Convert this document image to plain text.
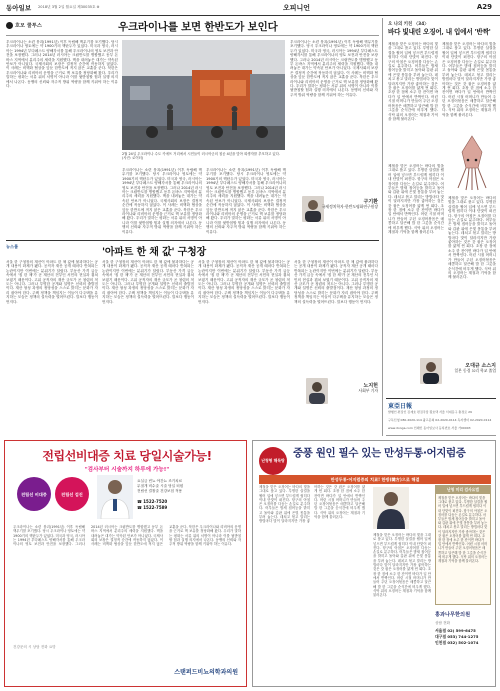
동아일보 2018년 3월 2일 월요일 제30035호 ⊛	오피니언	A29
호모 쿨투스	우크라이나를 보면 한반도가 보인다
우크라이나는 소련 붕괴(1991년) 이후 독립해 핵무기를 포기했다. 당시 우크라이나 영토에는 약 1900기의 핵탄두가 있었다. 미국과 영국, 러시아는 1994년 부다페스트 양해각서를 통해 우크라이나의 영토 보전과 안전을 보장했다. 그러나 2014년 러시아는 크림반도를 병합했고 동부 돈바스 지역에서 분리주의 세력을 지원했다. 핵을 내려놓은 대가는 약속된 안보가 아니었다. 국제사회의 보장은 결정적 순간에 작동하지 않았다. 이 사례는 비핵화 협상을 앞둔 한반도에 적지 않은 교훈을 준다. 북한은 우크라이나와 리비아의 운명을 근거로 핵 보유를 정당화해 왔다. 우리가 말하는 평화는 서류 위의 서명이 아니라 이를 뒷받침할 힘과 실행 의지에서 나온다. 동맹의 신뢰와 자주적 방위 역량을 함께 키워야 하는 이유다.
2월 24일 우크라이나 수도 키예프 거리에서 시민들이 러시아군의 침공 4년을 맞아 희생자를 추모하고 있다. (사진: 로이터)
우크라이나는 소련 붕괴(1991년) 이후 독립해 핵무기를 포기했다. 당시 우크라이나 영토에는 약 1900기의 핵탄두가 있었다. 미국과 영국, 러시아는 1994년 부다페스트 양해각서를 통해 우크라이나의 영토 보전과 안전을 보장했다. 그러나 2014년 러시아는 크림반도를 병합했고 동부 돈바스 지역에서 분리주의 세력을 지원했다. 핵을 내려놓은 대가는 약속된 안보가 아니었다. 국제사회의 보장은 결정적 순간에 작동하지 않았다. 이 사례는 비핵화 협상을 앞둔 한반도에 적지 않은 교훈을 준다. 북한은 우크라이나와 리비아의 운명을 근거로 핵 보유를 정당화해 왔다. 우리가 말하는 평화는 서류 위의 서명이 아니라 이를 뒷받침할 힘과 실행 의지에서 나온다. 동맹의 신뢰와 자주적 방위 역량을 함께 키워야 하는 이유다.
우크라이나는 소련 붕괴(1991년) 이후 독립해 핵무기를 포기했다. 당시 우크라이나 영토에는 약 1900기의 핵탄두가 있었다. 미국과 영국, 러시아는 1994년 부다페스트 양해각서를 통해 우크라이나의 영토 보전과 안전을 보장했다. 그러나 2014년 러시아는 크림반도를 병합했고 동부 돈바스 지역에서 분리주의 세력을 지원했다. 핵을 내려놓은 대가는 약속된 안보가 아니었다. 국제사회의 보장은 결정적 순간에 작동하지 않았다. 이 사례는 비핵화 협상을 앞둔 한반도에 적지 않은 교훈을 준다. 북한은 우크라이나와 리비아의 운명을 근거로 핵 보유를 정당화해 왔다. 우리가 말하는 평화는 서류 위의 서명이 아니라 이를 뒷받침할 힘과 실행 의지에서 나온다. 동맹의 신뢰와 자주적 방위 역량을 함께 키워야 하는 이유다.
우크라이나는 소련 붕괴(1991년) 이후 독립해 핵무기를 포기했다. 당시 우크라이나 영토에는 약 1900기의 핵탄두가 있었다. 미국과 영국, 러시아는 1994년 부다페스트 양해각서를 통해 우크라이나의 영토 보전과 안전을 보장했다. 그러나 2014년 러시아는 크림반도를 병합했고 동부 돈바스 지역에서 분리주의 세력을 지원했다. 핵을 내려놓은 대가는 약속된 안보가 아니었다. 국제사회의 보장은 결정적 순간에 작동하지 않았다. 이 사례는 비핵화 협상을 앞둔 한반도에 적지 않은 교훈을 준다. 북한은 우크라이나와 리비아의 운명을 근거로 핵 보유를 정당화해 왔다. 우리가 말하는 평화는 서류 위의 서명이 아니라 이를 뒷받침할 힘과 실행 의지에서 나온다. 동맹의 신뢰와 자주적 방위 역량을 함께 키워야 하는 이유다.
구기환
국제정치학자·한반도평화연구원장
뉴스룸
'아파트 한 채 값' 구청장
서울 한 구청장의 재산이 아파트 한 채 값에 불과하다는 공개 내용이 화제가 됐다. 공직자 재산 공개 때마다 반복되는 논란이지만 이번에는 분위기가 달랐다. 부동산 가격 급등 속에서 '집 한 채'가 곧 재산의 전부인 서민의 현실과 겹쳐 보였기 때문이다. 고위 공직자의 재산 규모가 곧 청렴의 척도는 아니다. 그러나 투명한 공개와 설명은 신뢰의 출발점이다. 재산 형성 과정의 정당성을 스스로 밝히는 문화가 자리 잡아야 한다. 주택 정책을 책임지는 이들이 다주택을 유지하는 모습은 정책의 설득력을 떨어뜨린다. 말보다 행동이 먼저다.
서울 한 구청장의 재산이 아파트 한 채 값에 불과하다는 공개 내용이 화제가 됐다. 공직자 재산 공개 때마다 반복되는 논란이지만 이번에는 분위기가 달랐다. 부동산 가격 급등 속에서 '집 한 채'가 곧 재산의 전부인 서민의 현실과 겹쳐 보였기 때문이다. 고위 공직자의 재산 규모가 곧 청렴의 척도는 아니다. 그러나 투명한 공개와 설명은 신뢰의 출발점이다. 재산 형성 과정의 정당성을 스스로 밝히는 문화가 자리 잡아야 한다. 주택 정책을 책임지는 이들이 다주택을 유지하는 모습은 정책의 설득력을 떨어뜨린다. 말보다 행동이 먼저다.
서울 한 구청장의 재산이 아파트 한 채 값에 불과하다는 공개 내용이 화제가 됐다. 공직자 재산 공개 때마다 반복되는 논란이지만 이번에는 분위기가 달랐다. 부동산 가격 급등 속에서 '집 한 채'가 곧 재산의 전부인 서민의 현실과 겹쳐 보였기 때문이다. 고위 공직자의 재산 규모가 곧 청렴의 척도는 아니다. 그러나 투명한 공개와 설명은 신뢰의 출발점이다. 재산 형성 과정의 정당성을 스스로 밝히는 문화가 자리 잡아야 한다. 주택 정책을 책임지는 이들이 다주택을 유지하는 모습은 정책의 설득력을 떨어뜨린다. 말보다 행동이 먼저다.
서울 한 구청장의 재산이 아파트 한 채 값에 불과하다는 공개 내용이 화제가 됐다. 공직자 재산 공개 때마다 반복되는 논란이지만 이번에는 분위기가 달랐다. 부동산 가격 급등 속에서 '집 한 채'가 곧 재산의 전부인 서민의 현실과 겹쳐 보였기 때문이다. 고위 공직자의 재산 규모가 곧 청렴의 척도는 아니다. 그러나 투명한 공개와 설명은 신뢰의 출발점이다. 재산 형성 과정의 정당성을 스스로 밝히는 문화가 자리 잡아야 한다. 주택 정책을 책임지는 이들이 다주택을 유지하는 모습은 정책의 설득력을 떨어뜨린다. 말보다 행동이 먼저다.
노지헌
사회부 기자
오 나의 키친 〈34〉
바다 빛내린 오징어, 내 입에서 '반짝'
제철을 맞은 오징어는 바다의 빛을 그대로 품고 있다. 투명한 살결을 썰어 입에 넣으면 부드럽게 씹히다 이내 단맛이 퍼진다. 항구의 아침은 오징어를 다듬는 손길로 분주하다. 어부들은 밤새 집어등을 밝히고 돌아와 갑판 위에 은빛 몸통을 부려 놓는다. 데치고 볶고 말리는 방법마다 맛이 달라지지만 가장 좋아하는 것은 갓 잡은 오징어를 얇게 썬 회다. 초장 한 점에 소주 한 잔이면 바다가 입 안에서 반짝인다. 어린 시절 어머니가 만들어 주던 오징어볶음은 매콤하고 달큰해 밥 한 그릇을 순식간에 비우게 했다. 식탁 위의 오징어는 계절과 기억을 함께 불러온다.
제철을 맞은 오징어는 바다의 빛을 그대로 품고 있다. 투명한 살결을 썰어 입에 넣으면 부드럽게 씹히다 이내 단맛이 퍼진다. 항구의 아침은 오징어를 다듬는 손길로 분주하다. 어부들은 밤새 집어등을 밝히고 돌아와 갑판 위에 은빛 몸통을 부려 놓는다. 데치고 볶고 말리는 방법마다 맛이 달라지지만 가장 좋아하는 것은 갓 잡은 오징어를 얇게 썬 회다. 초장 한 점에 소주 한 잔이면 바다가 입 안에서 반짝인다. 어린 시절 어머니가 만들어 주던 오징어볶음은 매콤하고 달큰해 밥 한 그릇을 순식간에 비우게 했다. 식탁 위의 오징어는 계절과 기억을 함께 불러온다.
제철을 맞은 오징어는 바다의 빛을 그대로 품고 있다. 투명한 살결을 썰어 입에 넣으면 부드럽게 씹히다 이내 단맛이 퍼진다. 항구의 아침은 오징어를 다듬는 손길로 분주하다. 어부들은 밤새 집어등을 밝히고 돌아와 갑판 위에 은빛 몸통을 부려 놓는다. 데치고 볶고 말리는 방법마다 맛이 달라지지만 가장 좋아하는 것은 갓 잡은 오징어를 얇게 썬 회다. 초장 한 점에 소주 한 잔이면 바다가 입 안에서 반짝인다. 어린 시절 어머니가 만들어 주던 오징어볶음은 매콤하고 달큰해 밥 한 그릇을 순식간에 비우게 했다. 식탁 위의 오징어는 계절과 기억을 함께 불러온다.
제철을 맞은 오징어는 바다의 빛을 그대로 품고 있다. 투명한 살결을 썰어 입에 넣으면 부드럽게 씹히다 이내 단맛이 퍼진다. 항구의 아침은 오징어를 다듬는 손길로 분주하다. 어부들은 밤새 집어등을 밝히고 돌아와 갑판 위에 은빛 몸통을 부려 놓는다. 데치고 볶고 말리는 방법마다 맛이 달라지지만 가장 좋아하는 것은 갓 잡은 오징어를 얇게 썬 회다. 초장 한 점에 소주 한 잔이면 바다가 입 안에서 반짝인다. 어린 시절 어머니가 만들어 주던 오징어볶음은 매콤하고 달큰해 밥 한 그릇을 순식간에 비우게 했다. 식탁 위의 오징어는 계절과 기억을 함께 불러온다.
오대규 소스지
일본 동경 요리 학교 졸업
東亞日報
발행인·편집인 김재호 편집국장 황호택 서울 서대문구 충정로 29
구독신청 080-2020-114 광고문의 02-2020-0114 독자센터 02-2020-0114
www.donga.com 인쇄인 동아일보사 등록번호 서울 가00003
전립선비대증 치료 당일시술가능!
"검사부터 시술까지 하루에 가능!"
전립선 비대증	전립선 검진
요실금 빈뇨 야간뇨 조기치료
무절개 비수술 시술 당일 퇴원
전립선 결찰술 건강보험 적용
☎ 1522-7520
☎ 1522-7589
우크라이나는 소련 붕괴(1991년) 이후 독립해 핵무기를 포기했다. 당시 우크라이나 영토에는 약 1900기의 핵탄두가 있었다. 미국과 영국, 러시아는 1994년 부다페스트 양해각서를 통해 우크라이나의 영토 보전과 안전을 보장했다. 그러나 2014년 러시아는 크림반도를 병합했고 동부 돈바스 지역에서 분리주의 세력을 지원했다. 핵을 내려놓은 대가는 약속된 안보가 아니었다. 국제사회의 보장은 결정적 순간에 작동하지 않았다. 이 사례는 비핵화 협상을 앞둔 한반도에 적지 않은 교훈을 준다. 북한은 우크라이나와 리비아의 운명을 근거로 핵 보유를 정당화해 왔다. 우리가 말하는 평화는 서류 위의 서명이 아니라 이를 뒷받침할 힘과 실행 의지에서 나온다. 동맹의 신뢰와 자주적 방위 역량을 함께 키워야 하는 이유다.
건강문의 시 상담 전화 요망
스탠퍼드비뇨의학과의원
난청형 해독탕
중풍 원인 필수 있는 만성두통·어지럼증
만성두통·어지럼증의 치료! 한방(韓方)으로 해결
제철을 맞은 오징어는 바다의 빛을 그대로 품고 있다. 투명한 살결을 썰어 입에 넣으면 부드럽게 씹히다 이내 단맛이 퍼진다. 항구의 아침은 오징어를 다듬는 손길로 분주하다. 어부들은 밤새 집어등을 밝히고 돌아와 갑판 위에 은빛 몸통을 부려 놓는다. 데치고 볶고 말리는 방법마다 맛이 달라지지만 가장 좋아하는 것은 갓 잡은 오징어를 얇게 썬 회다. 초장 한 점에 소주 한 잔이면 바다가 입 안에서 반짝인다. 어린 시절 어머니가 만들어 주던 오징어볶음은 매콤하고 달큰해 밥 한 그릇을 순식간에 비우게 했다. 식탁 위의 오징어는 계절과 기억을 함께 불러온다.
제철을 맞은 오징어는 바다의 빛을 그대로 품고 있다. 투명한 살결을 썰어 입에 넣으면 부드럽게 씹히다 이내 단맛이 퍼진다. 항구의 아침은 오징어를 다듬는 손길로 분주하다. 어부들은 밤새 집어등을 밝히고 돌아와 갑판 위에 은빛 몸통을 부려 놓는다. 데치고 볶고 말리는 방법마다 맛이 달라지지만 가장 좋아하는 것은 갓 잡은 오징어를 얇게 썬 회다. 초장 한 점에 소주 한 잔이면 바다가 입 안에서 반짝인다. 어린 시절 어머니가 만들어 주던 오징어볶음은 매콤하고 달큰해 밥 한 그릇을 순식간에 비우게 했다. 식탁 위의 오징어는 계절과 기억을 함께 불러온다.
난청 미리 검사요법
제철을 맞은 오징어는 바다의 빛을 그대로 품고 있다. 투명한 살결을 썰어 입에 넣으면 부드럽게 씹히다 이내 단맛이 퍼진다. 항구의 아침은 오징어를 다듬는 손길로 분주하다. 어부들은 밤새 집어등을 밝히고 돌아와 갑판 위에 은빛 몸통을 부려 놓는다. 데치고 볶고 말리는 방법마다 맛이 달라지지만 가장 좋아하는 것은 갓 잡은 오징어를 얇게 썬 회다. 초장 한 점에 소주 한 잔이면 바다가 입 안에서 반짝인다. 어린 시절 어머니가 만들어 주던 오징어볶음은 매콤하고 달큰해 밥 한 그릇을 순식간에 비우게 했다. 식탁 위의 오징어는 계절과 기억을 함께 불러온다.
홍과나무한의원
상담 전화
서울점 02) 599-6475
대구점 053) 744-1275
인천점 032) 502-1074
